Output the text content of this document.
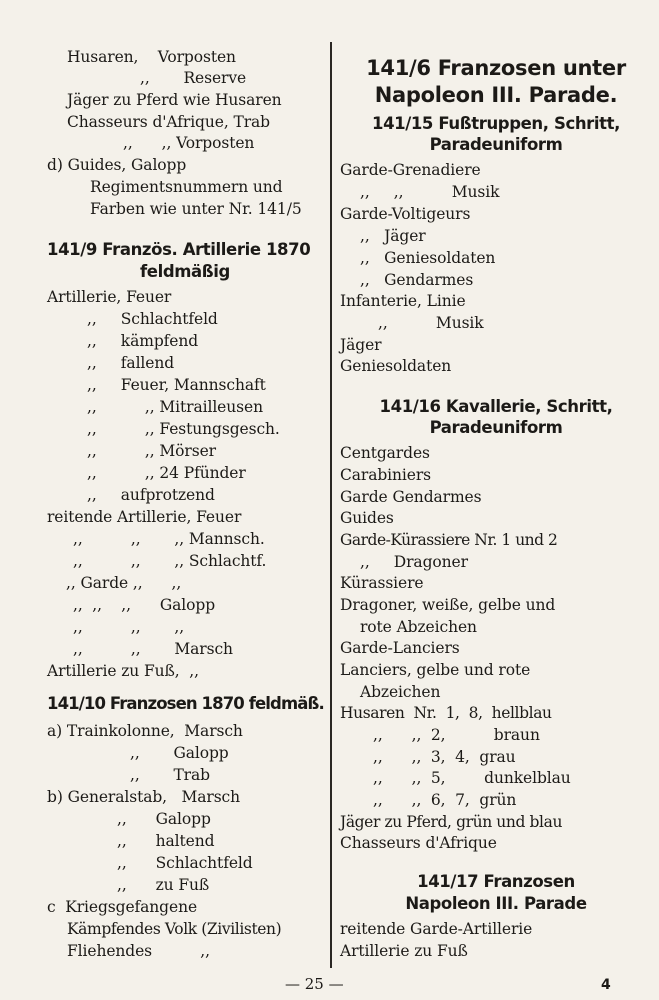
Husaren,    Vorposten
,,       Reserve
Jäger zu Pferd wie Husaren
Chasseurs d'Afrique, Trab
,,      ,, Vorposten
d) Guides, Galopp
Regimentsnummern und
Farben wie unter Nr. 141/5
141/9 Französ. Artillerie 1870
feldmäßig
Artillerie, Feuer
,,     Schlachtfeld
,,     kämpfend
,,     fallend
,,     Feuer, Mannschaft
,,          ,, Mitrailleusen
,,          ,, Festungsgesch.
,,          ,, Mörser
,,          ,, 24 Pfünder
,,     aufprotzend
reitende Artillerie, Feuer
,,          ,,       ,, Mannsch.
,,          ,,       ,, Schlachtf.
,, Garde ,,      ,,
,,  ,,    ,,      Galopp
,,          ,,       ,,
,,          ,,       Marsch
Artillerie zu Fuß,  ,,
141/10 Franzosen 1870 feldmäß.
a) Trainkolonne,  Marsch
,,       Galopp
,,       Trab
b) Generalstab,   Marsch
,,      Galopp
,,      haltend
,,      Schlachtfeld
,,      zu Fuß
c  Kriegsgefangene
Kämpfendes Volk (Zivilisten)
Fliehendes          ,,
141/6 Franzosen unter
Napoleon III. Parade.
141/15 Fußtruppen, Schritt,
Paradeuniform
Garde-Grenadiere
,,     ,,          Musik
Garde-Voltigeurs
,,   Jäger
,,   Geniesoldaten
,,   Gendarmes
Infanterie, Linie
,,          Musik
Jäger
Geniesoldaten
141/16 Kavallerie, Schritt,
Paradeuniform
Centgardes
Carabiniers
Garde Gendarmes
Guides
Garde-Kürassiere Nr. 1 und 2
,,     Dragoner
Kürassiere
Dragoner, weiße, gelbe und
rote Abzeichen
Garde-Lanciers
Lanciers, gelbe und rote
Abzeichen
Husaren  Nr.  1,  8,  hellblau
,,      ,,  2,          braun
,,      ,,  3,  4,  grau
,,      ,,  5,        dunkelblau
,,      ,,  6,  7,  grün
Jäger zu Pferd, grün und blau
Chasseurs d'Afrique
141/17 Franzosen
Napoleon III. Parade
reitende Garde-Artillerie
Artillerie zu Fuß
— 25 —	4
